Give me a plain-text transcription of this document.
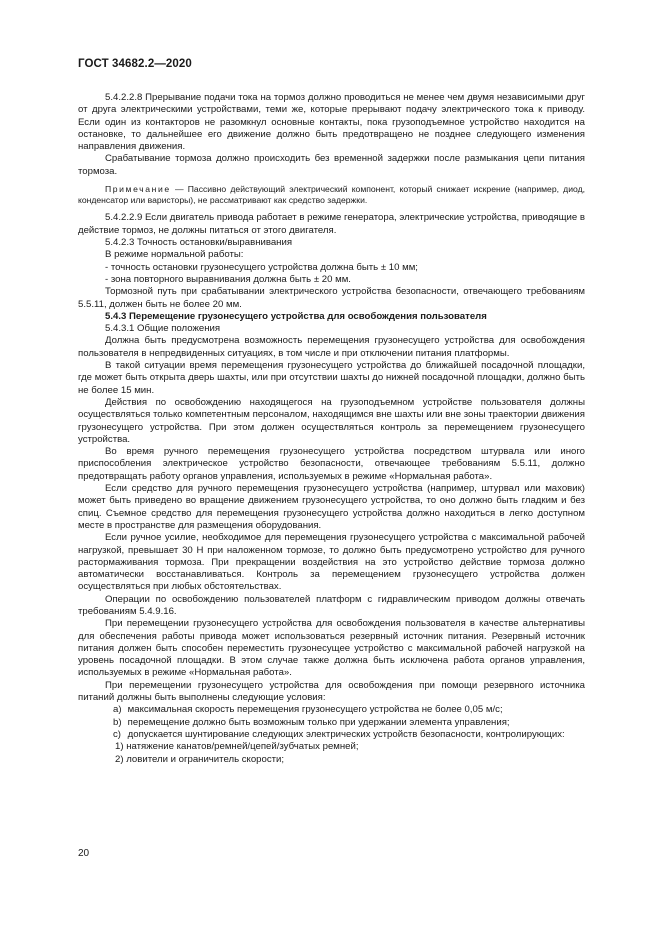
ГОСТ 34682.2—2020

5.4.2.2.8 Прерывание подачи тока на тормоз должно проводиться не менее чем двумя независимыми друг от друга электрическими устройствами, теми же, которые прерывают подачу электрического тока к приводу. Если один из контакторов не разомкнул основные контакты, пока грузоподъемное устройство находится на остановке, то дальнейшее его движение должно быть предотвращено не позднее следующего изменения направления движения.

Срабатывание тормоза должно происходить без временной задержки после размыкания цепи питания тормоза.

Примечание — Пассивно действующий электрический компонент, который снижает искрение (например, диод, конденсатор или варисторы), не рассматривают как средство задержки.

5.4.2.2.9 Если двигатель привода работает в режиме генератора, электрические устройства, приводящие в действие тормоз, не должны питаться от этого двигателя.

5.4.2.3 Точность остановки/выравнивания

В режиме нормальной работы:

- точность остановки грузонесущего устройства должна быть ± 10 мм;

- зона повторного выравнивания должна быть ± 20 мм.

Тормозной путь при срабатывании электрического устройства безопасности, отвечающего требованиям 5.5.11, должен быть не более 20 мм.

5.4.3 Перемещение грузонесущего устройства для освобождения пользователя

5.4.3.1 Общие положения

Должна быть предусмотрена возможность перемещения грузонесущего устройства для освобождения пользователя в непредвиденных ситуациях, в том числе и при отключении питания платформы.

В такой ситуации время перемещения грузонесущего устройства до ближайшей посадочной площадки, где может быть открыта дверь шахты, или при отсутствии шахты до нижней посадочной площадки, должно быть не более 15 мин.

Действия по освобождению находящегося на грузоподъемном устройстве пользователя должны осуществляться только компетентным персоналом, находящимся вне шахты или вне зоны траектории движения грузонесущего устройства. При этом должен осуществляться контроль за перемещением грузонесущего устройства.

Во время ручного перемещения грузонесущего устройства посредством штурвала или иного приспособления электрическое устройство безопасности, отвечающее требованиям 5.5.11, должно предотвращать работу органов управления, используемых в режиме «Нормальная работа».

Если средство для ручного перемещения грузонесущего устройства (например, штурвал или маховик) может быть приведено во вращение движением грузонесущего устройства, то оно должно быть гладким и без спиц. Съемное средство для перемещения грузонесущего устройства должно находиться в легко доступном месте в пространстве для размещения оборудования.

Если ручное усилие, необходимое для перемещения грузонесущего устройства с максимальной рабочей нагрузкой, превышает 30 Н при наложенном тормозе, то должно быть предусмотрено устройство для ручного растормаживания тормоза. При прекращении воздействия на это устройство действие тормоза должно автоматически восстанавливаться. Контроль за перемещением грузонесущего устройства должен осуществляться при любых обстоятельствах.

Операции по освобождению пользователей платформ с гидравлическим приводом должны отвечать требованиям 5.4.9.16.

При перемещении грузонесущего устройства для освобождения пользователя в качестве альтернативы для обеспечения работы привода может использоваться резервный источник питания. Резервный источник питания должен быть способен переместить грузонесущее устройство с максимальной рабочей нагрузкой на уровень посадочной площадки. В этом случае также должна быть исключена работа органов управления, используемых в режиме «Нормальная работа».

При перемещении грузонесущего устройства для освобождения при помощи резервного источника питаний должны быть выполнены следующие условия:

а) максимальная скорость перемещения грузонесущего устройства не более 0,05 м/с;

b) перемещение должно быть возможным только при удержании элемента управления;

с) допускается шунтирование следующих электрических устройств безопасности, контролирующих:

1) натяжение канатов/ремней/цепей/зубчатых ремней;

2) ловители и ограничитель скорости;

20
